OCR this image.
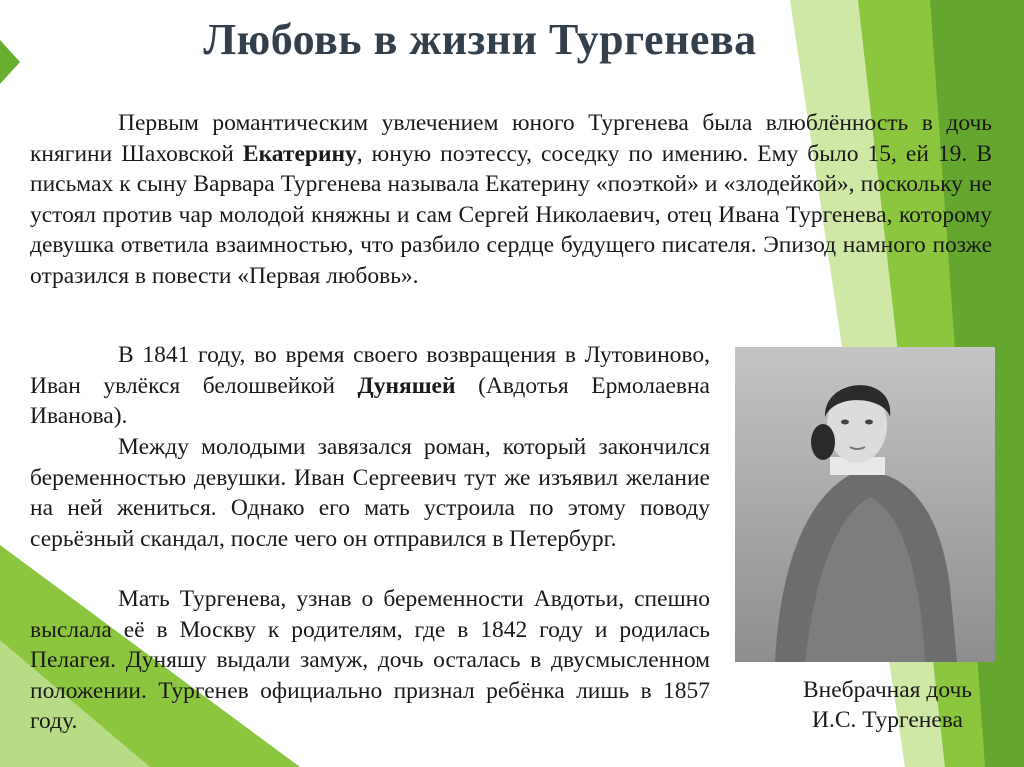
Любовь в жизни Тургенева

Первым романтическим увлечением юного Тургенева была влюблённость в дочь княгини Шаховской Екатерину, юную поэтессу, соседку по имению. Ему было 15, ей 19. В письмах к сыну Варвара Тургенева называла Екатерину «поэткой» и «злодейкой», поскольку не устоял против чар молодой княжны и сам Сергей Николаевич, отец Ивана Тургенева, которому девушка ответила взаимностью, что разбило сердце будущего писателя. Эпизод намного позже отразился в повести «Первая любовь».

В 1841 году, во время своего возвращения в Лутовиново, Иван увлёкся белошвейкой Дуняшей (Авдотья Ермолаевна Иванова).

Между молодыми завязался роман, который закончился беременностью девушки. Иван Сергеевич тут же изъявил желание на ней жениться. Однако его мать устроила по этому поводу серьёзный скандал, после чего он отправился в Петербург.

Мать Тургенева, узнав о беременности Авдотьи, спешно выслала её в Москву к родителям, где в 1842 году и родилась Пелагея. Дуняшу выдали замуж, дочь осталась в двусмысленном положении. Тургенев официально признал ребёнка лишь в 1857 году.

Внебрачная дочь
И.С. Тургенева
